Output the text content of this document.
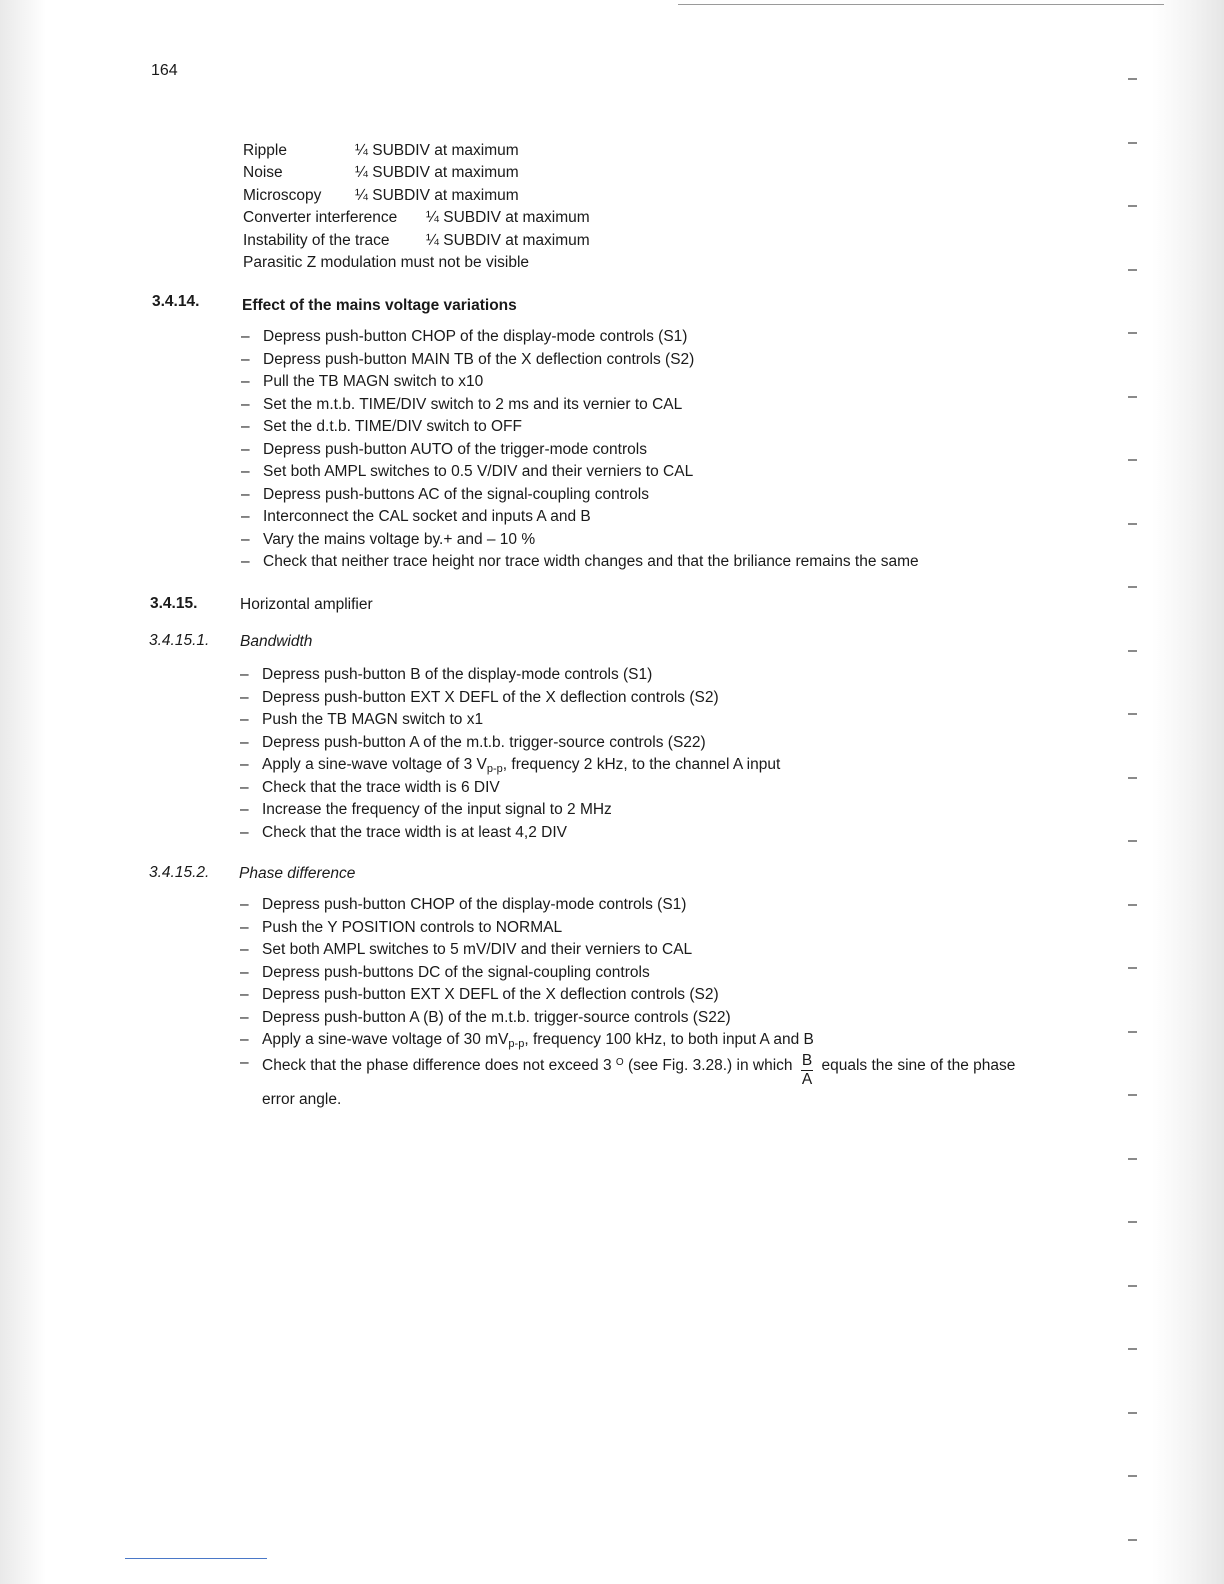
164
Ripple	¼ SUBDIV at maximum
Noise	¼ SUBDIV at maximum
Microscopy ¼ SUBDIV at maximum
Converter interference ¼ SUBDIV at maximum
Instability of the trace ¼ SUBDIV at maximum
Parasitic Z modulation must not be visible
3.4.14.	Effect of the mains voltage variations
– Depress push-button CHOP of the display-mode controls (S1)
– Depress push-button MAIN TB of the X deflection controls (S2)
– Pull the TB MAGN switch to x10
– Set the m.t.b. TIME/DIV switch to 2 ms and its vernier to CAL
– Set the d.t.b. TIME/DIV switch to OFF
– Depress push-button AUTO of the trigger-mode controls
– Set both AMPL switches to 0.5 V/DIV and their verniers to CAL
– Depress push-buttons AC of the signal-coupling controls
– Interconnect the CAL socket and inputs A and B
– Vary the mains voltage by.+ and – 10 %
– Check that neither trace height nor trace width changes and that the briliance remains the same
3.4.15.	Horizontal amplifier
3.4.15.1. Bandwidth
– Depress push-button B of the display-mode controls (S1)
– Depress push-button EXT X DEFL of the X deflection controls (S2)
– Push the TB MAGN switch to x1
– Depress push-button A of the m.t.b. trigger-source controls (S22)
– Apply a sine-wave voltage of 3 $V_{p-p}$, frequency 2 kHz, to the channel A input
– Check that the trace width is 6 DIV
– Increase the frequency of the input signal to 2 MHz
– Check that the trace width is at least 4,2 DIV
3.4.15.2. Phase difference
– Depress push-button CHOP of the display-mode controls (S1)
– Push the Y POSITION controls to NORMAL
– Set both AMPL switches to 5 mV/DIV and their verniers to CAL
– Depress push-buttons DC of the signal-coupling controls
– Depress push-button EXT X DEFL of the X deflection controls (S2)
– Depress push-button A (B) of the m.t.b. trigger-source controls (S22)
– Apply a sine-wave voltage of 30 $mV_{p-p}$, frequency 100 kHz, to both input A and B
– Check that the phase difference does not exceed 3 $^O$ (see Fig. 3.28.) in which $\frac{B}{A}$ equals the sine of the phase error angle.
